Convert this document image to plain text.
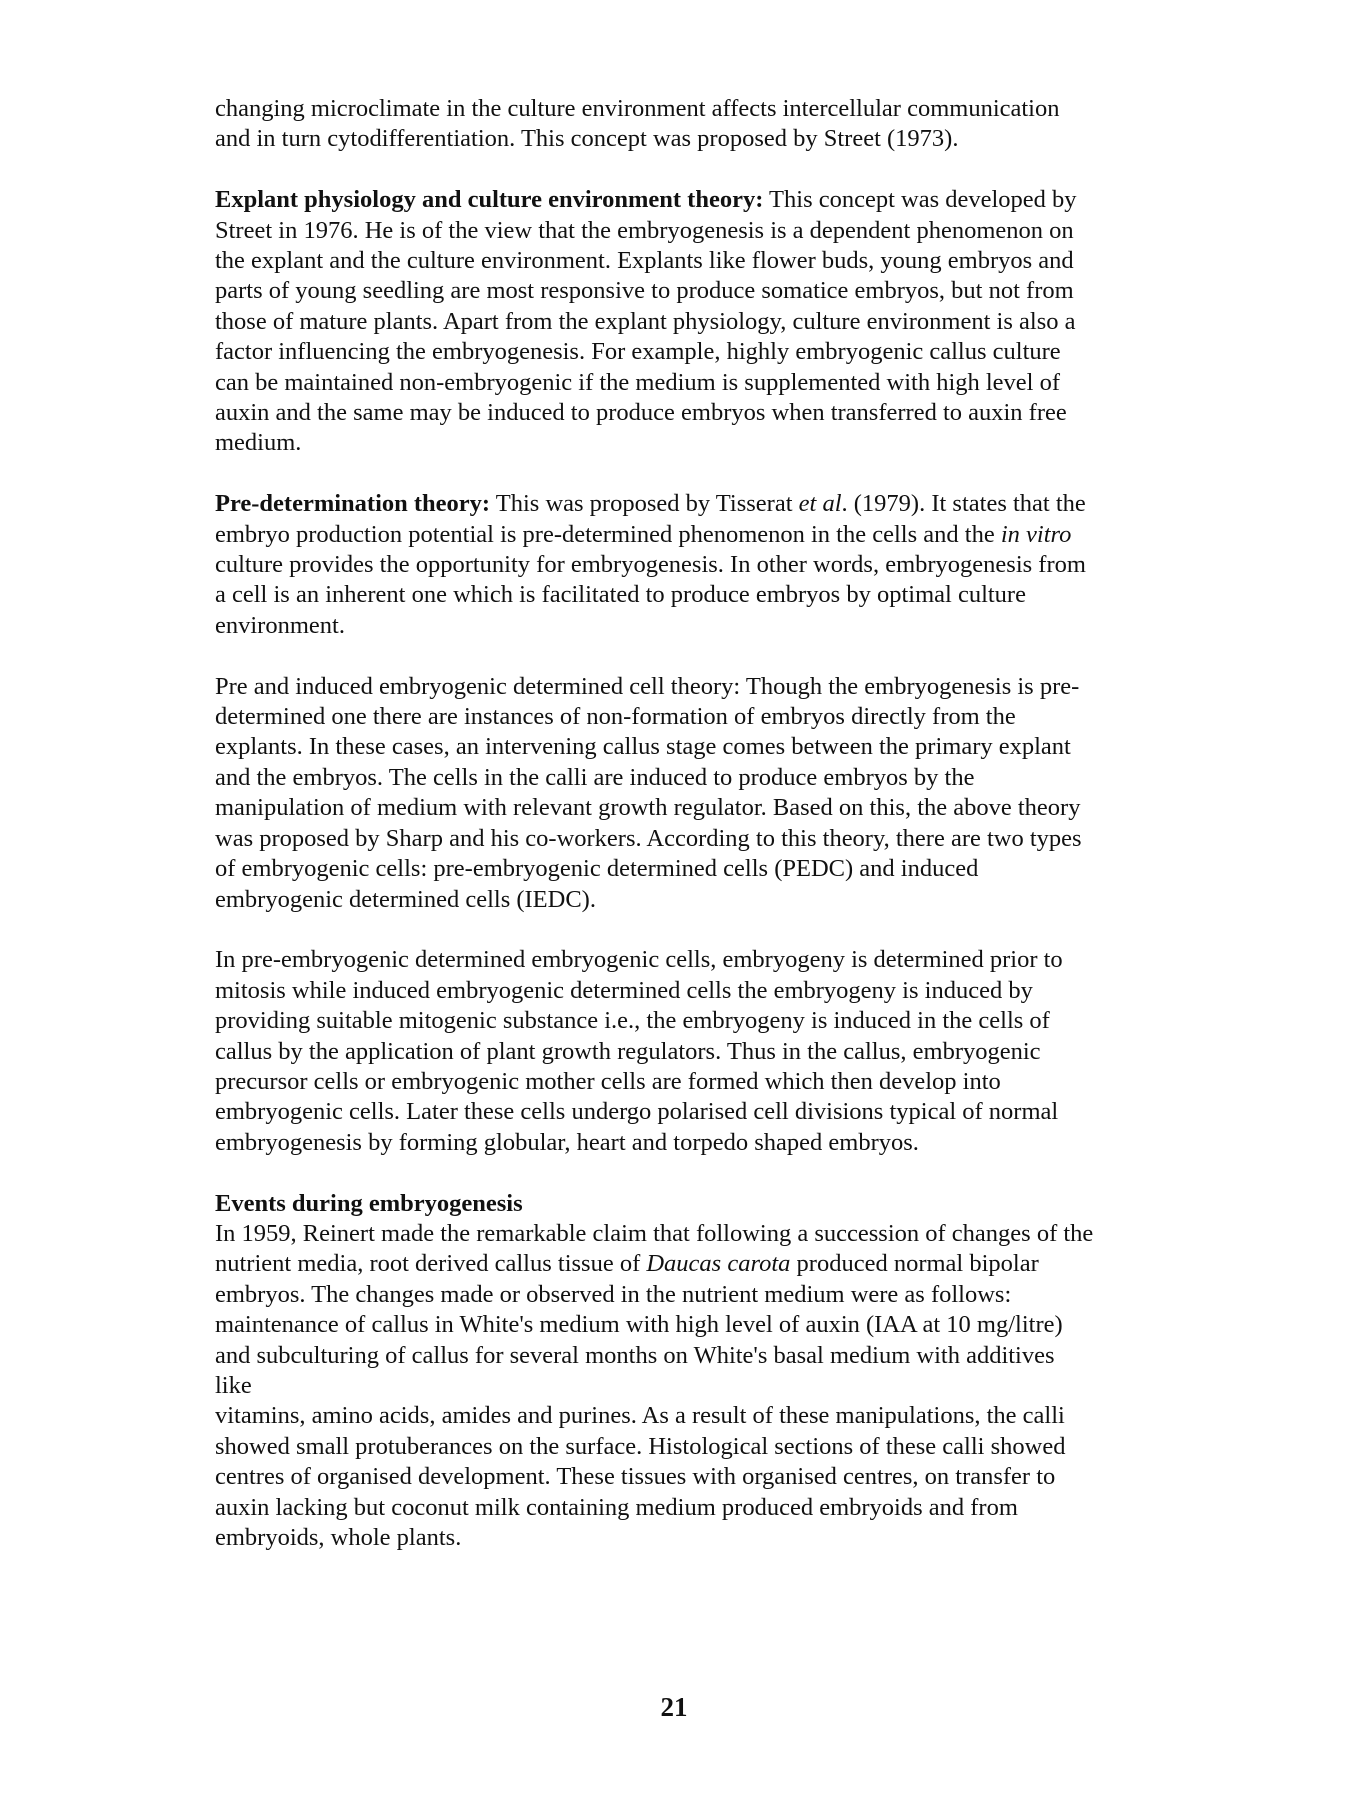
changing microclimate in the culture environment affects intercellular communication
and in turn cytodifferentiation. This concept was proposed by Street (1973).

Explant physiology and culture environment theory: This concept was developed by
Street in 1976. He is of the view that the embryogenesis is a dependent phenomenon on
the explant and the culture environment. Explants like flower buds, young embryos and
parts of young seedling are most responsive to produce somatice embryos, but not from
those of mature plants. Apart from the explant physiology, culture environment is also a
factor influencing the embryogenesis. For example, highly embryogenic callus culture
can be maintained non-embryogenic if the medium is supplemented with high level of
auxin and the same may be induced to produce embryos when transferred to auxin free
medium.

Pre-determination theory: This was proposed by Tisserat et al. (1979). It states that the
embryo production potential is pre-determined phenomenon in the cells and the in vitro
culture provides the opportunity for embryogenesis. In other words, embryogenesis from
a cell is an inherent one which is facilitated to produce embryos by optimal culture
environment.

Pre and induced embryogenic determined cell theory: Though the embryogenesis is pre-
determined one there are instances of non-formation of embryos directly from the
explants. In these cases, an intervening callus stage comes between the primary explant
and the embryos. The cells in the calli are induced to produce embryos by the
manipulation of medium with relevant growth regulator. Based on this, the above theory
was proposed by Sharp and his co-workers. According to this theory, there are two types
of embryogenic cells: pre-embryogenic determined cells (PEDC) and induced
embryogenic determined cells (IEDC).

In pre-embryogenic determined embryogenic cells, embryogeny is determined prior to
mitosis while induced embryogenic determined cells the embryogeny is induced by
providing suitable mitogenic substance i.e., the embryogeny is induced in the cells of
callus by the application of plant growth regulators. Thus in the callus, embryogenic
precursor cells or embryogenic mother cells are formed which then develop into
embryogenic cells. Later these cells undergo polarised cell divisions typical of normal
embryogenesis by forming globular, heart and torpedo shaped embryos.

Events during embryogenesis
In 1959, Reinert made the remarkable claim that following a succession of changes of the
nutrient media, root derived callus tissue of Daucas carota produced normal bipolar
embryos. The changes made or observed in the nutrient medium were as follows:
maintenance of callus in White's medium with high level of auxin (IAA at 10 mg/litre)
and subculturing of callus for several months on White's basal medium with additives
like
vitamins, amino acids, amides and purines. As a result of these manipulations, the calli
showed small protuberances on the surface. Histological sections of these calli showed
centres of organised development. These tissues with organised centres, on transfer to
auxin lacking but coconut milk containing medium produced embryoids and from
embryoids, whole plants.
21
